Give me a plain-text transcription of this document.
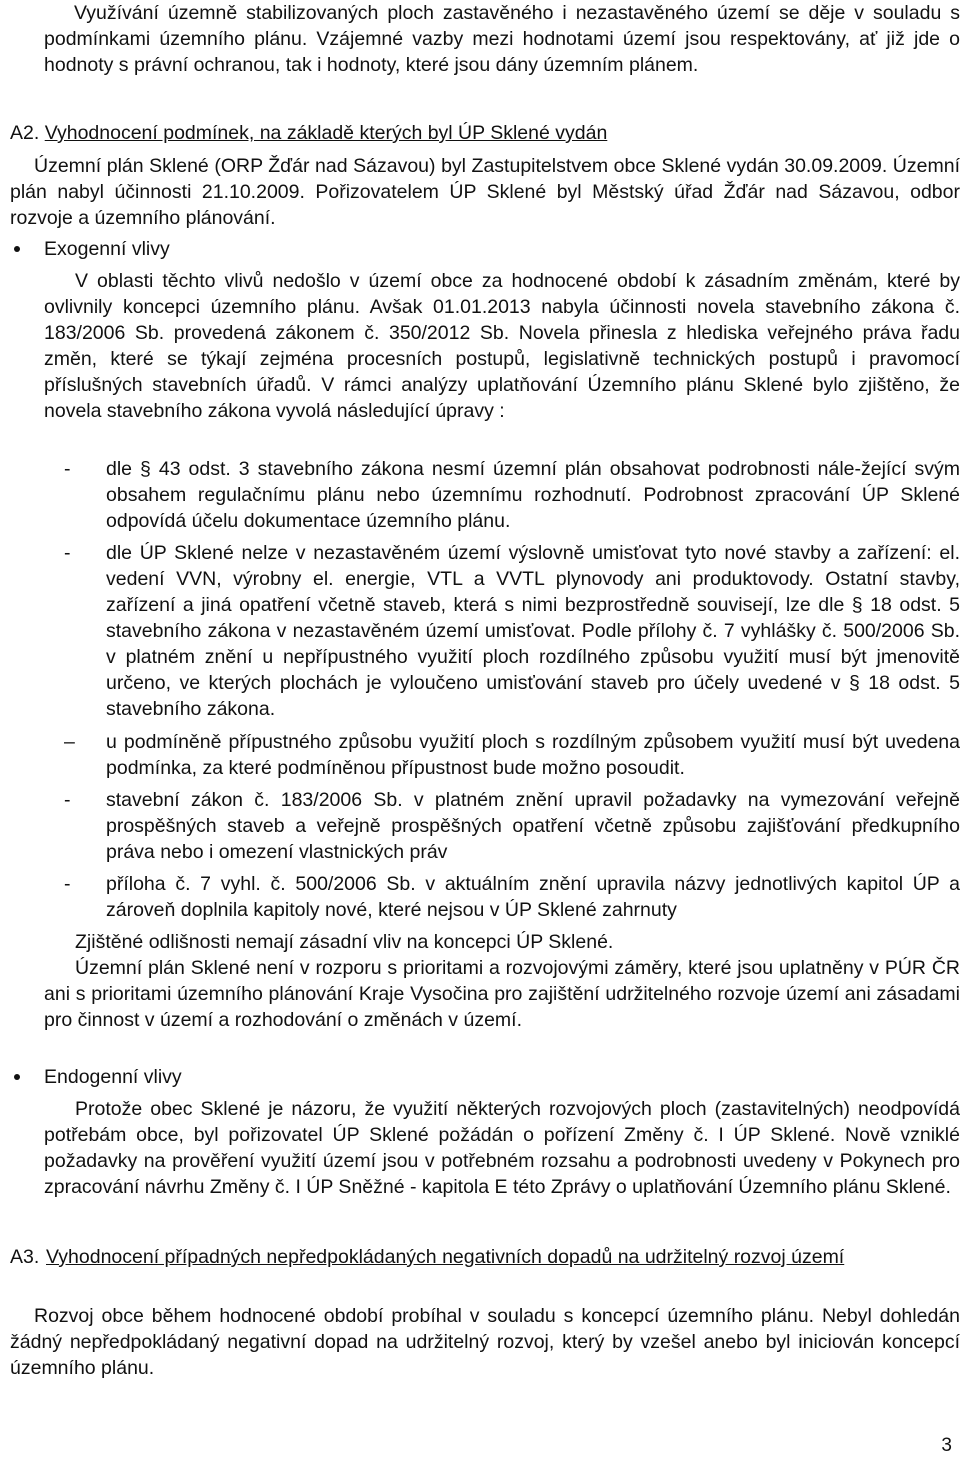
Využívání územně stabilizovaných ploch zastavěného i nezastavěného území se děje v souladu s podmínkami územního plánu. Vzájemné vazby mezi hodnotami území jsou respektovány, ať již jde o hodnoty s právní ochranou, tak i hodnoty, které jsou dány územním plánem.
A2. Vyhodnocení podmínek, na základě kterých byl ÚP Sklené vydán
Územní plán Sklené (ORP Žďár nad Sázavou) byl Zastupitelstvem obce Sklené vydán 30.09.2009. Územní plán nabyl účinnosti 21.10.2009. Pořizovatelem ÚP Sklené byl Městský úřad Žďár nad Sázavou, odbor rozvoje a územního plánování.
Exogenní vlivy
V oblasti těchto vlivů nedošlo v území obce za hodnocené období k zásadním změnám, které by ovlivnily koncepci územního plánu. Avšak 01.01.2013 nabyla účinnosti novela stavebního zákona č. 183/2006 Sb. provedená zákonem č. 350/2012 Sb. Novela přinesla z hlediska veřejného práva řadu změn, které se týkají zejména procesních postupů, legislativně technických postupů i pravomocí příslušných stavebních úřadů. V rámci analýzy uplatňování Územního plánu Sklené bylo zjištěno, že novela stavebního zákona vyvolá následující úpravy :
- dle § 43 odst. 3 stavebního zákona nesmí územní plán obsahovat podrobnosti nále-žející svým obsahem regulačnímu plánu nebo územnímu rozhodnutí. Podrobnost zpracování ÚP Sklené odpovídá účelu dokumentace územního plánu.
- dle ÚP Sklené nelze v nezastavěném území výslovně umisťovat tyto nové stavby a zařízení: el. vedení VVN, výrobny el. energie, VTL a VVTL plynovody ani produktovody. Ostatní stavby, zařízení a jiná opatření včetně staveb, která s nimi bezprostředně souvisejí, lze dle § 18 odst. 5 stavebního zákona v nezastavěném území umisťovat. Podle přílohy č. 7 vyhlášky č. 500/2006 Sb. v platném znění u nepřípustného využití ploch rozdílného způsobu využití musí být jmenovitě určeno, ve kterých plochách je vyloučeno umisťování staveb pro účely uvedené v § 18 odst. 5 stavebního zákona.
– u podmíněně přípustného způsobu využití ploch s rozdílným způsobem využití musí být uvedena podmínka, za které podmíněnou přípustnost bude možno posoudit.
- stavební zákon č. 183/2006 Sb. v platném znění upravil požadavky na vymezování veřejně prospěšných staveb a veřejně prospěšných opatření včetně způsobu zajišťování předkupního práva nebo i omezení vlastnických práv
- příloha č. 7 vyhl. č. 500/2006 Sb. v aktuálním znění upravila názvy jednotlivých kapitol ÚP a zároveň doplnila kapitoly nové, které nejsou v ÚP Sklené zahrnuty
Zjištěné odlišnosti nemají zásadní vliv na koncepci ÚP Sklené.
Územní plán Sklené není v rozporu s prioritami a rozvojovými záměry, které jsou uplatněny v PÚR ČR ani s prioritami územního plánování Kraje Vysočina pro zajištění udržitelného rozvoje území ani zásadami pro činnost v území a rozhodování o změnách v území.
Endogenní vlivy
Protože obec Sklené je názoru, že využití některých rozvojových ploch (zastavitelných) neodpovídá potřebám obce, byl pořizovatel ÚP Sklené požádán o pořízení Změny č. I ÚP Sklené. Nově vzniklé požadavky na prověření využití území jsou v potřebném rozsahu a podrobnosti uvedeny v Pokynech pro zpracování návrhu Změny č. I ÚP Sněžné - kapitola E této Zprávy o uplatňování Územního plánu Sklené.
A3. Vyhodnocení případných nepředpokládaných negativních dopadů na udržitelný rozvoj území
Rozvoj obce během hodnocené období probíhal v souladu s koncepcí územního plánu. Nebyl dohledán žádný nepředpokládaný negativní dopad na udržitelný rozvoj, který by vzešel anebo byl iniciován koncepcí územního plánu.
3
